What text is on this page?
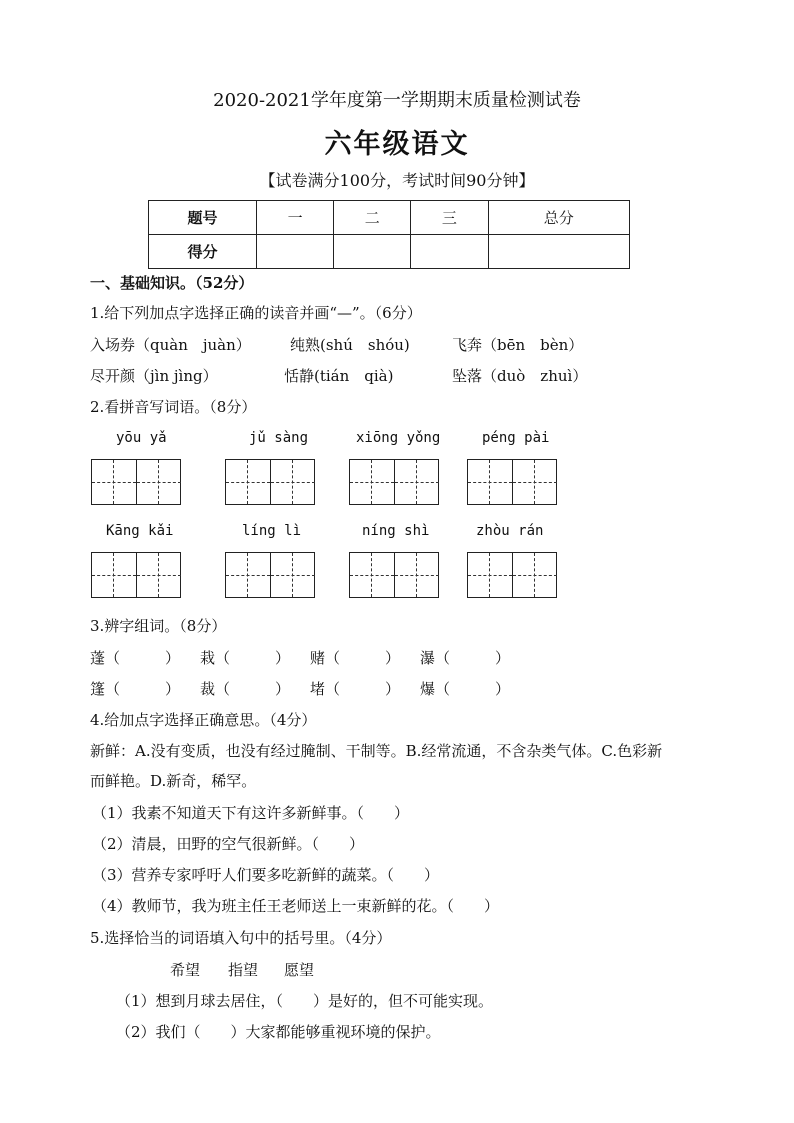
2020-2021学年度第一学期期末质量检测试卷
六年级语文
【试卷满分100分，考试时间90分钟】
题号	一	二	三	总分
得分				
一、基础知识。（52分）
1.给下列加点字选择正确的读音并画“—”。（6分）
入场券（quàn　juàn）	纯熟(shú　shóu)	飞奔（bēn　bèn）
尽开颜（jìn jìng）	恬静(tián　qià)	坠落（duò　zhuì）
2.看拼音写词语。（8分）
yōu yǎ	jǔ sàng	xiōng yǒng	péng pài
Kāng kǎi	líng lì	níng shì	zhòu rán
3.辨字组词。（8分）
蓬（　　　） 栽（　　　） 赌（　　　） 瀑（　　　）
篷（　　　） 裁（　　　） 堵（　　　） 爆（　　　）
4.给加点字选择正确意思。（4分）
新鲜：A.没有变质，也没有经过腌制、干制等。B.经常流通，不含杂类气体。C.色彩新
而鲜艳。D.新奇，稀罕。
（1）我素不知道天下有这许多新鲜事。（　　）
（2）清晨，田野的空气很新鲜。（　　）
（3）营养专家呼吁人们要多吃新鲜的蔬菜。（　　）
（4）教师节，我为班主任王老师送上一束新鲜的花。（　　）
5.选择恰当的词语填入句中的括号里。（4分）
希望 指望 愿望
（1）想到月球去居住，（　　）是好的，但不可能实现。
（2）我们（　　）大家都能够重视环境的保护。
